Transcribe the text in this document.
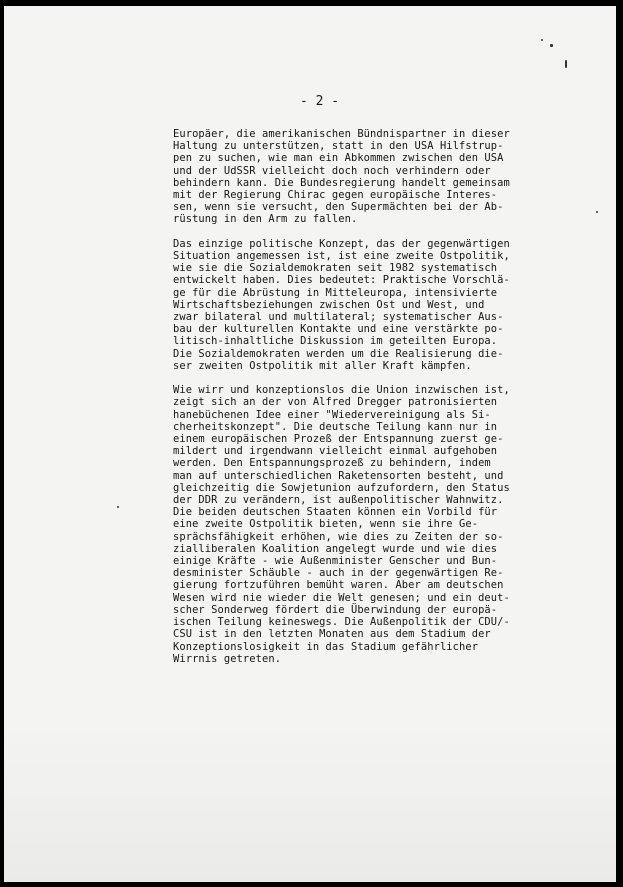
- 2 -
Europäer, die amerikanischen Bündnispartner in dieser
Haltung zu unterstützen, statt in den USA Hilfstrup-
pen zu suchen, wie man ein Abkommen zwischen den USA
und der UdSSR vielleicht doch noch verhindern oder
behindern kann. Die Bundesregierung handelt gemeinsam
mit der Regierung Chirac gegen europäische Interes-
sen, wenn sie versucht, den Supermächten bei der Ab-
rüstung in den Arm zu fallen.
Das einzige politische Konzept, das der gegenwärtigen
Situation angemessen ist, ist eine zweite Ostpolitik,
wie sie die Sozialdemokraten seit 1982 systematisch
entwickelt haben. Dies bedeutet: Praktische Vorschlä-
ge für die Abrüstung in Mitteleuropa, intensivierte
Wirtschaftsbeziehungen zwischen Ost und West, und
zwar bilateral und multilateral; systematischer Aus-
bau der kulturellen Kontakte und eine verstärkte po-
litisch-inhaltliche Diskussion im geteilten Europa.
Die Sozialdemokraten werden um die Realisierung die-
ser zweiten Ostpolitik mit aller Kraft kämpfen.
Wie wirr und konzeptionslos die Union inzwischen ist,
zeigt sich an der von Alfred Dregger patronisierten
hanebüchenen Idee einer "Wiedervereinigung als Si-
cherheitskonzept". Die deutsche Teilung kann nur in
einem europäischen Prozeß der Entspannung zuerst ge-
mildert und irgendwann vielleicht einmal aufgehoben
werden. Den Entspannungsprozeß zu behindern, indem
man auf unterschiedlichen Raketensorten besteht, und
gleichzeitig die Sowjetunion aufzufordern, den Status
der DDR zu verändern, ist außenpolitischer Wahnwitz.
Die beiden deutschen Staaten können ein Vorbild für
eine zweite Ostpolitik bieten, wenn sie ihre Ge-
sprächsfähigkeit erhöhen, wie dies zu Zeiten der so-
zialliberalen Koalition angelegt wurde und wie dies
einige Kräfte - wie Außenminister Genscher und Bun-
desminister Schäuble - auch in der gegenwärtigen Re-
gierung fortzuführen bemüht waren. Aber am deutschen
Wesen wird nie wieder die Welt genesen; und ein deut-
scher Sonderweg fördert die Überwindung der europä-
ischen Teilung keineswegs. Die Außenpolitik der CDU/-
CSU ist in den letzten Monaten aus dem Stadium der
Konzeptionslosigkeit in das Stadium gefährlicher
Wirrnis getreten.
